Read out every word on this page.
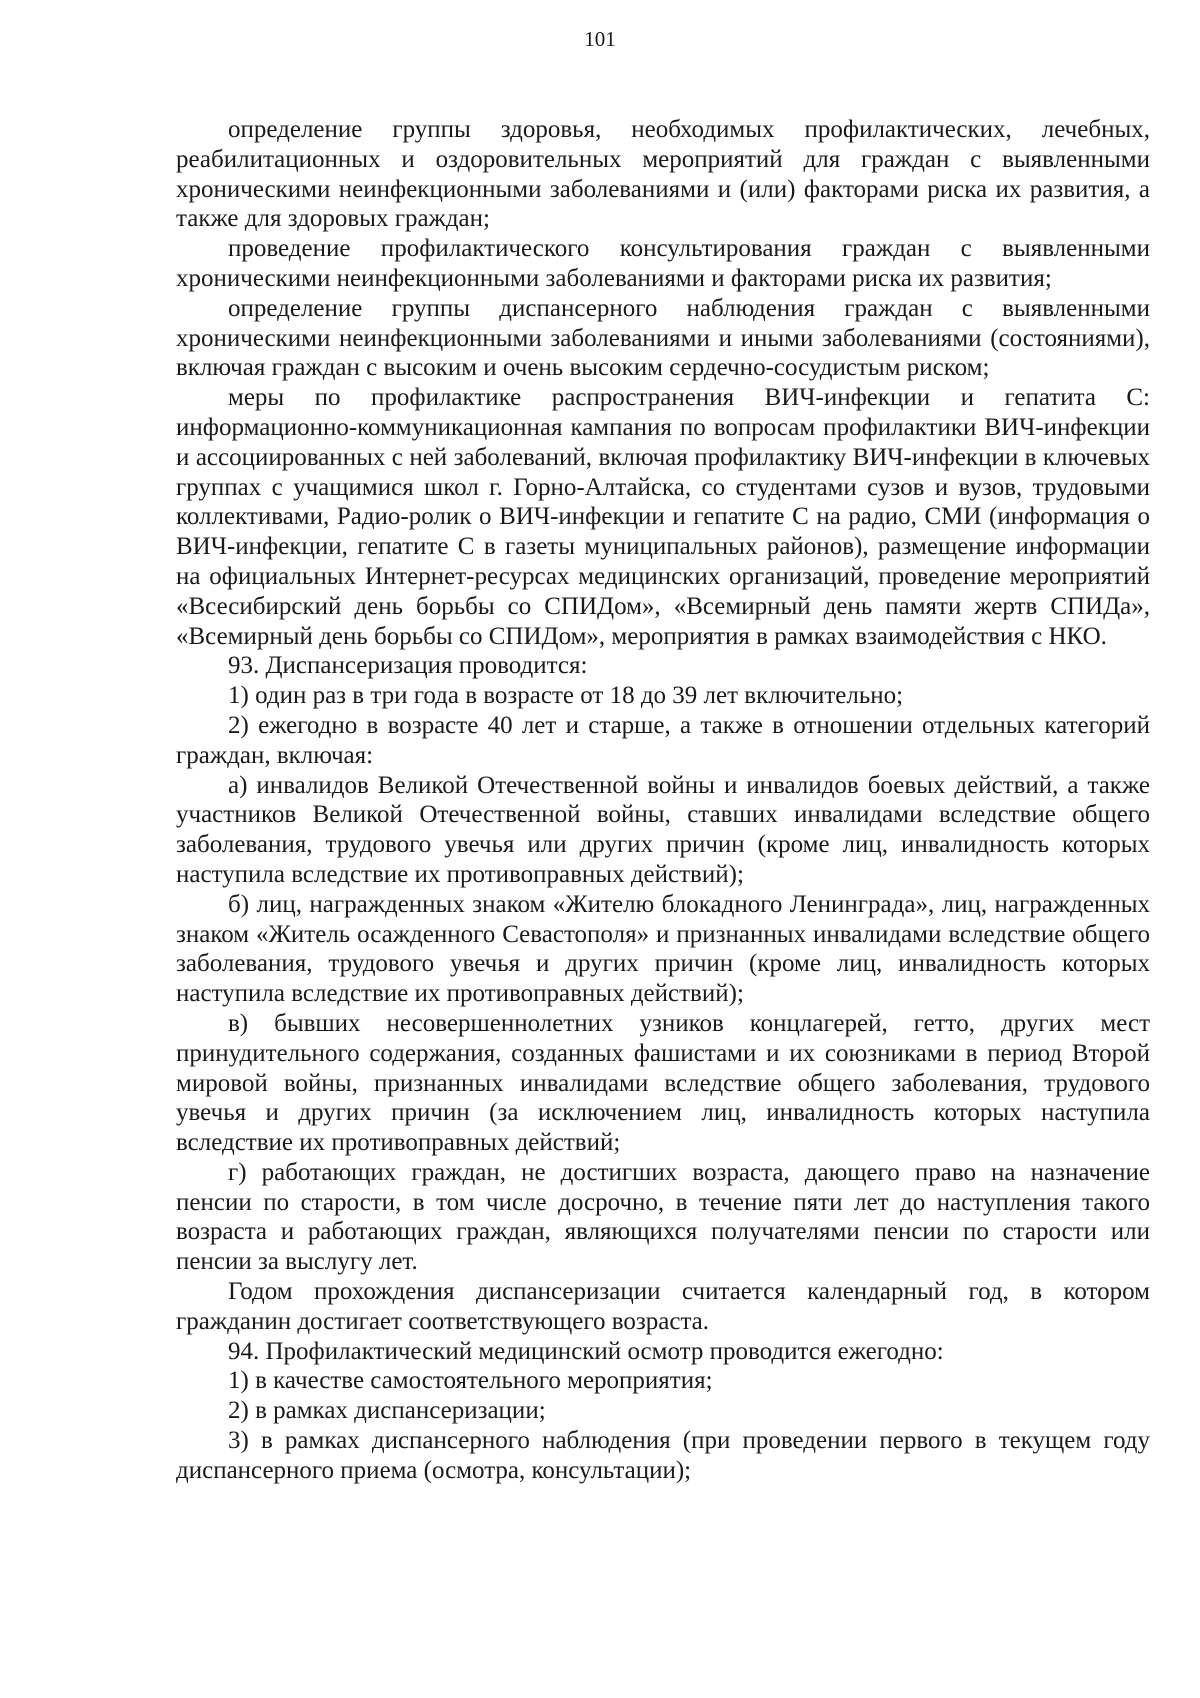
101

определение группы здоровья, необходимых профилактических, лечебных, реабилитационных и оздоровительных мероприятий для граждан с выявленными хроническими неинфекционными заболеваниями и (или) факторами риска их развития, а также для здоровых граждан;

проведение профилактического консультирования граждан с выявленными хроническими неинфекционными заболеваниями и факторами риска их развития;

определение группы диспансерного наблюдения граждан с выявленными хроническими неинфекционными заболеваниями и иными заболеваниями (состояниями), включая граждан с высоким и очень высоким сердечно-сосудистым риском;

меры по профилактике распространения ВИЧ-инфекции и гепатита С: информационно-коммуникационная кампания по вопросам профилактики ВИЧ-инфекции и ассоциированных с ней заболеваний, включая профилактику ВИЧ-инфекции в ключевых группах с учащимися школ г. Горно-Алтайска, со студентами сузов и вузов, трудовыми коллективами, Радио-ролик о ВИЧ-инфекции и гепатите С на радио, СМИ (информация о ВИЧ-инфекции, гепатите С в газеты муниципальных районов), размещение информации на официальных Интернет-ресурсах медицинских организаций, проведение мероприятий «Всесибирский день борьбы со СПИДом», «Всемирный день памяти жертв СПИДа», «Всемирный день борьбы со СПИДом», мероприятия в рамках взаимодействия с НКО.

93. Диспансеризация проводится:

1) один раз в три года в возрасте от 18 до 39 лет включительно;

2) ежегодно в возрасте 40 лет и старше, а также в отношении отдельных категорий граждан, включая:

а) инвалидов Великой Отечественной войны и инвалидов боевых действий, а также участников Великой Отечественной войны, ставших инвалидами вследствие общего заболевания, трудового увечья или других причин (кроме лиц, инвалидность которых наступила вследствие их противоправных действий);

б) лиц, награжденных знаком «Жителю блокадного Ленинграда», лиц, награжденных знаком «Житель осажденного Севастополя» и признанных инвалидами вследствие общего заболевания, трудового увечья и других причин (кроме лиц, инвалидность которых наступила вследствие их противоправных действий);

в) бывших несовершеннолетних узников концлагерей, гетто, других мест принудительного содержания, созданных фашистами и их союзниками в период Второй мировой войны, признанных инвалидами вследствие общего заболевания, трудового увечья и других причин (за исключением лиц, инвалидность которых наступила вследствие их противоправных действий;

г) работающих граждан, не достигших возраста, дающего право на назначение пенсии по старости, в том числе досрочно, в течение пяти лет до наступления такого возраста и работающих граждан, являющихся получателями пенсии по старости или пенсии за выслугу лет.

Годом прохождения диспансеризации считается календарный год, в котором гражданин достигает соответствующего возраста.

94. Профилактический медицинский осмотр проводится ежегодно:

1) в качестве самостоятельного мероприятия;

2) в рамках диспансеризации;

3) в рамках диспансерного наблюдения (при проведении первого в текущем году диспансерного приема (осмотра, консультации);
